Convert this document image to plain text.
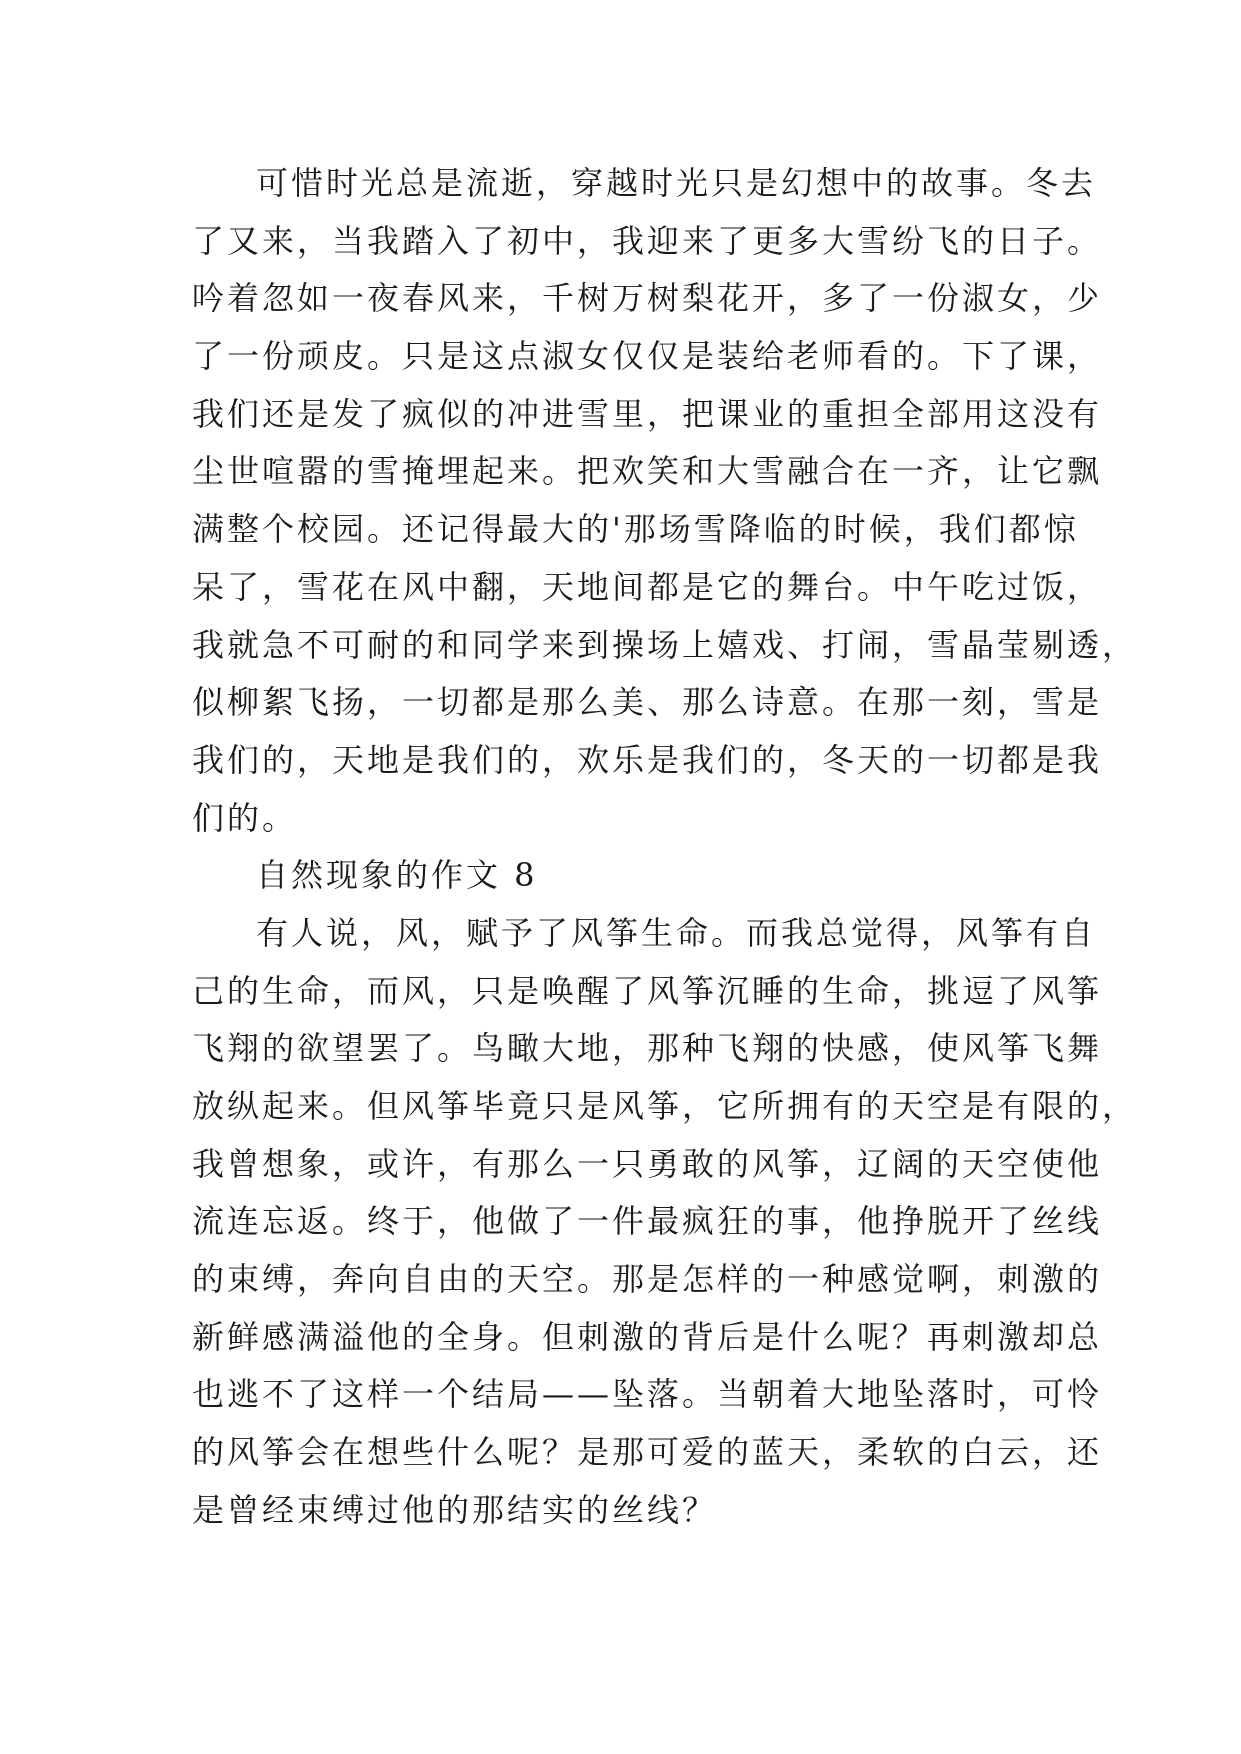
可惜时光总是流逝，穿越时光只是幻想中的故事。冬去
了又来，当我踏入了初中，我迎来了更多大雪纷飞的日子。
吟着忽如一夜春风来，千树万树梨花开，多了一份淑女，少
了一份顽皮。只是这点淑女仅仅是装给老师看的。下了课，
我们还是发了疯似的冲进雪里，把课业的重担全部用这没有
尘世喧嚣的雪掩埋起来。把欢笑和大雪融合在一齐，让它飘
满整个校园。还记得最大的'那场雪降临的时候，我们都惊
呆了，雪花在风中翻，天地间都是它的舞台。中午吃过饭，
我就急不可耐的和同学来到操场上嬉戏、打闹，雪晶莹剔透，
似柳絮飞扬，一切都是那么美、那么诗意。在那一刻，雪是
我们的，天地是我们的，欢乐是我们的，冬天的一切都是我
们的。
自然现象的作文 8
有人说，风，赋予了风筝生命。而我总觉得，风筝有自
己的生命，而风，只是唤醒了风筝沉睡的生命，挑逗了风筝
飞翔的欲望罢了。鸟瞰大地，那种飞翔的快感，使风筝飞舞
放纵起来。但风筝毕竟只是风筝，它所拥有的天空是有限的，
我曾想象，或许，有那么一只勇敢的风筝，辽阔的天空使他
流连忘返。终于，他做了一件最疯狂的事，他挣脱开了丝线
的束缚，奔向自由的天空。那是怎样的一种感觉啊，刺激的
新鲜感满溢他的全身。但刺激的背后是什么呢？再刺激却总
也逃不了这样一个结局——坠落。当朝着大地坠落时，可怜
的风筝会在想些什么呢？是那可爱的蓝天，柔软的白云，还
是曾经束缚过他的那结实的丝线？
